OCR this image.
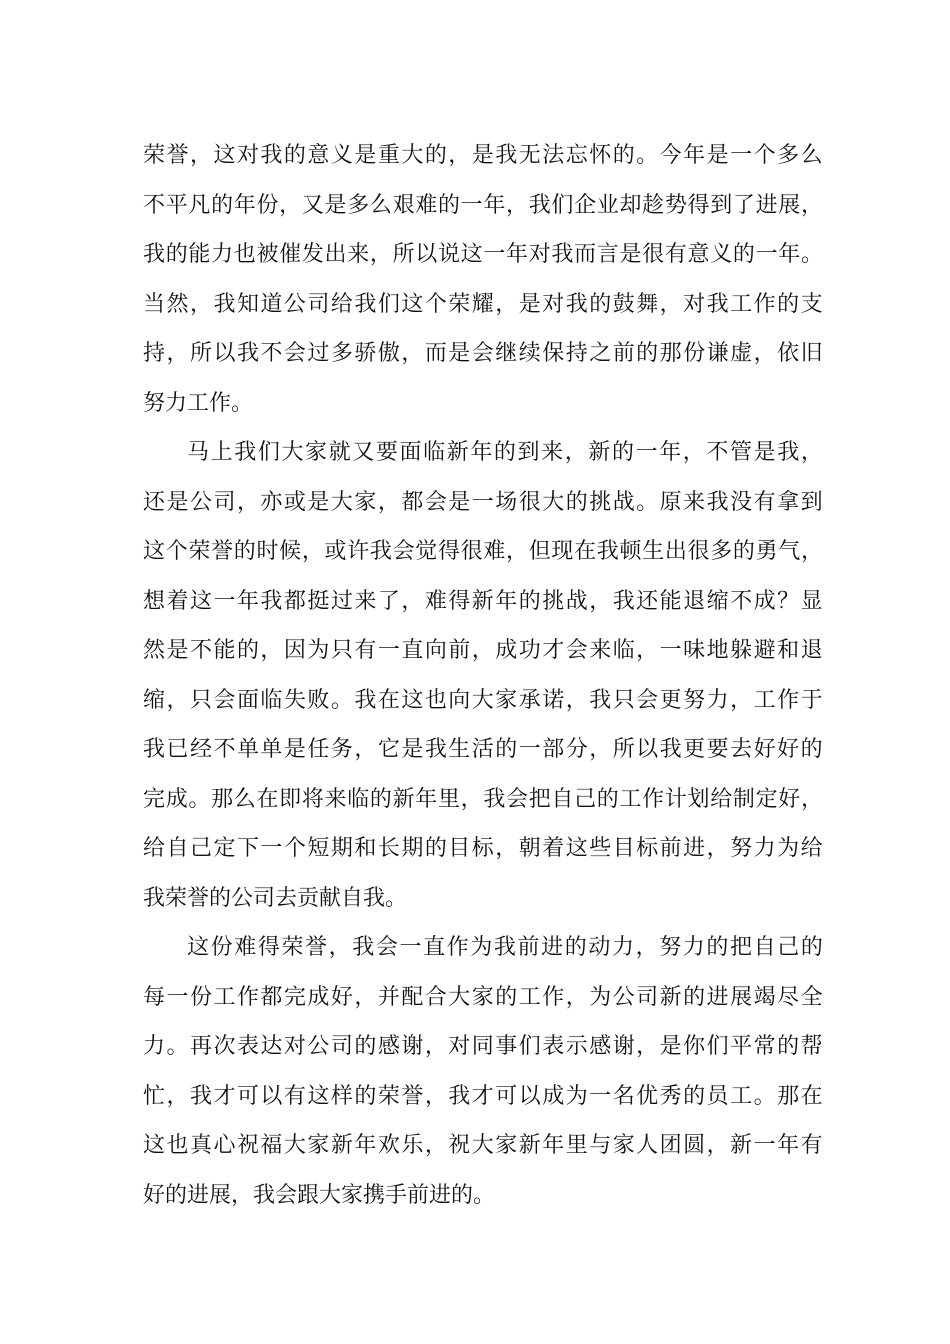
荣 誉 ， 这 对 我 的 意 义 是 重 大 的 ， 是 我 无 法 忘 怀 的 。 今 年 是 一 个 多 么
不 平 凡 的 年 份 ， 又 是 多 么 艰 难 的 一 年 ， 我 们 企 业 却 趁 势 得 到 了 进 展 ，
我 的 能 力 也 被 催 发 出 来 ， 所 以 说 这 一 年 对 我 而 言 是 很 有 意 义 的 一 年 。
当 然 ， 我 知 道 公 司 给 我 们 这 个 荣 耀 ， 是 对 我 的 鼓 舞 ， 对 我 工 作 的 支
持 ， 所 以 我 不 会 过 多 骄 傲 ， 而 是 会 继 续 保 持 之 前 的 那 份 谦 虚 ， 依 旧
努力工作。
马 上 我 们 大 家 就 又 要 面 临 新 年 的 到 来 ， 新 的 一 年 ， 不 管 是 我 ，
还 是 公 司 ， 亦 或 是 大 家 ， 都 会 是 一 场 很 大 的 挑 战 。 原 来 我 没 有 拿 到
这 个 荣 誉 的 时 候 ， 或 许 我 会 觉 得 很 难 ， 但 现 在 我 顿 生 出 很 多 的 勇 气 ，
想 着 这 一 年 我 都 挺 过 来 了 ， 难 得 新 年 的 挑 战 ， 我 还 能 退 缩 不 成 ？ 显
然 是 不 能 的 ， 因 为 只 有 一 直 向 前 ， 成 功 才 会 来 临 ， 一 味 地 躲 避 和 退
缩 ， 只 会 面 临 失 败 。 我 在 这 也 向 大 家 承 诺 ， 我 只 会 更 努 力 ， 工 作 于
我 已 经 不 单 单 是 任 务 ， 它 是 我 生 活 的 一 部 分 ， 所 以 我 更 要 去 好 好 的
完 成 。 那 么 在 即 将 来 临 的 新 年 里 ， 我 会 把 自 己 的 工 作 计 划 给 制 定 好 ，
给 自 己 定 下 一 个 短 期 和 长 期 的 目 标 ， 朝 着 这 些 目 标 前 进 ， 努 力 为 给
我荣誉的公司去贡献自我。
这 份 难 得 荣 誉 ， 我 会 一 直 作 为 我 前 进 的 动 力 ， 努 力 的 把 自 己 的
每 一 份 工 作 都 完 成 好 ， 并 配 合 大 家 的 工 作 ， 为 公 司 新 的 进 展 竭 尽 全
力 。 再 次 表 达 对 公 司 的 感 谢 ， 对 同 事 们 表 示 感 谢 ， 是 你 们 平 常 的 帮
忙 ， 我 才 可 以 有 这 样 的 荣 誉 ， 我 才 可 以 成 为 一 名 优 秀 的 员 工 。 那 在
这 也 真 心 祝 福 大 家 新 年 欢 乐 ， 祝 大 家 新 年 里 与 家 人 团 圆 ， 新 一 年 有
好的进展，我会跟大家携手前进的。
